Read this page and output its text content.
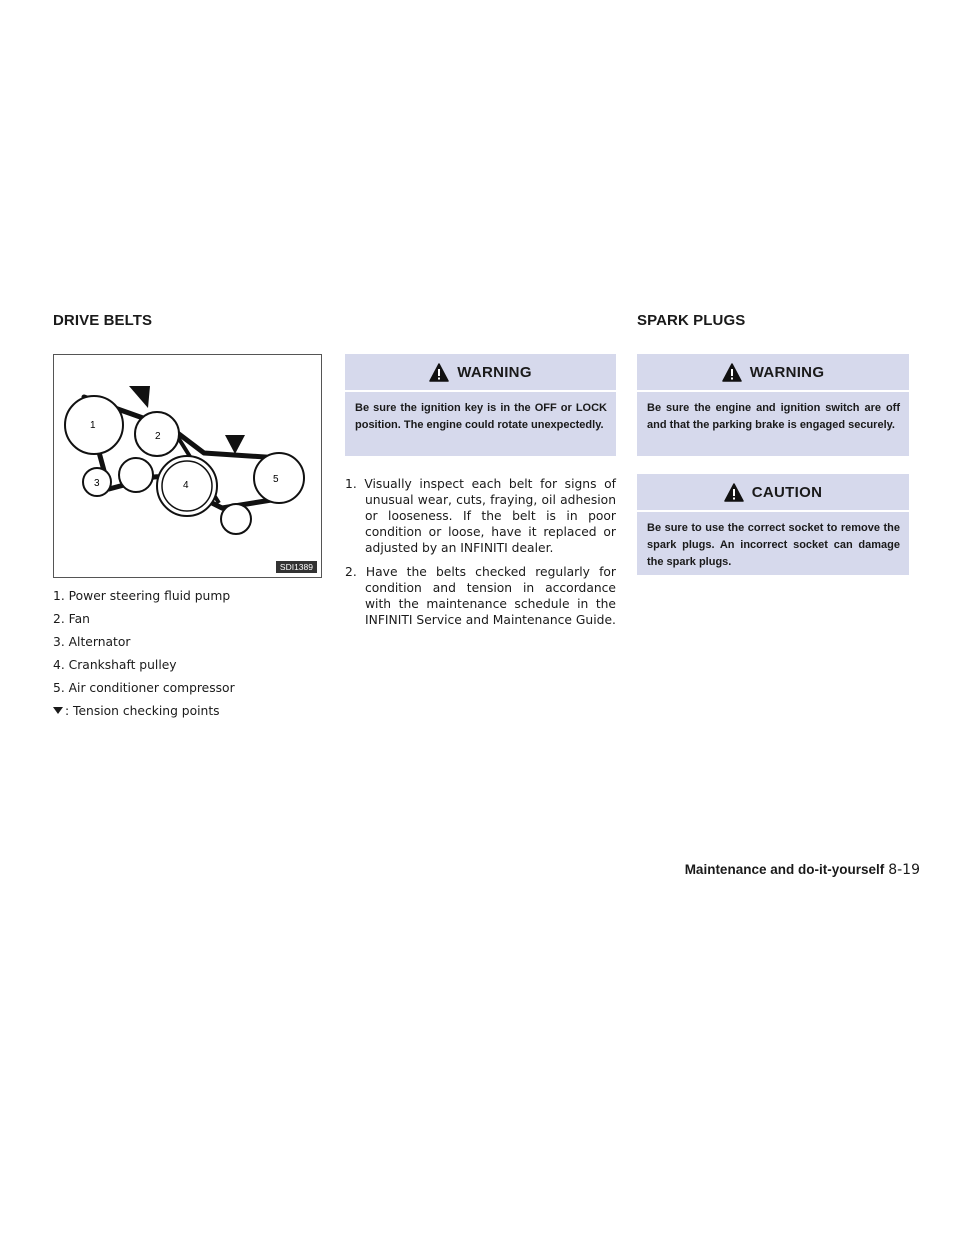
DRIVE BELTS	SPARK PLUGS
1
2
3	4
5
SDI1389
1. Power steering fluid pump
2. Fan
3. Alternator
4. Crankshaft pulley
5. Air conditioner compressor
: Tension checking points
WARNING
Be sure the ignition key is in the OFF or LOCK position. The engine could rotate unexpectedly.
1. Visually inspect each belt for signs of unusual wear, cuts, fraying, oil adhesion or looseness. If the belt is in poor condition or loose, have it replaced or adjusted by an INFINITI dealer.
2. Have the belts checked regularly for condition and tension in accordance with the maintenance schedule in the INFINITI Service and Maintenance Guide.
WARNING
Be sure the engine and ignition switch are off and that the parking brake is engaged securely.
CAUTION
Be sure to use the correct socket to remove the spark plugs. An incorrect socket can damage the spark plugs.
Maintenance and do-it-yourself 8-19
